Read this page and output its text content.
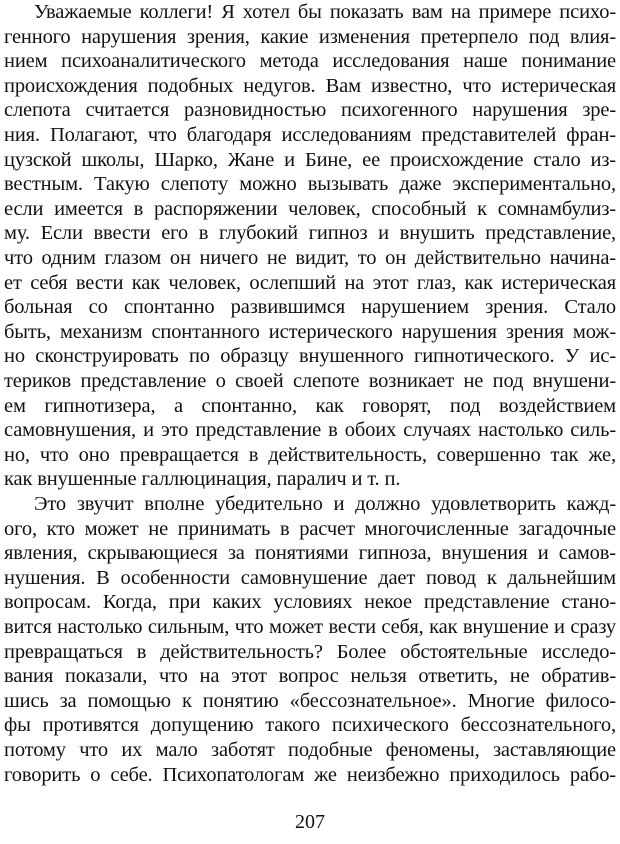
Уважаемые коллеги! Я хотел бы показать вам на примере психо-
генного нарушения зрения, какие изменения претерпело под влия-
нием психоаналитического метода исследования наше понимание
происхождения подобных недугов. Вам известно, что истерическая
слепота считается разновидностью психогенного нарушения зре-
ния. Полагают, что благодаря исследованиям представителей фран-
цузской школы, Шарко, Жане и Бине, ее происхождение стало из-
вестным. Такую слепоту можно вызывать даже экспериментально,
если имеется в распоряжении человек, способный к сомнамбулиз-
му. Если ввести его в глубокий гипноз и внушить представление,
что одним глазом он ничего не видит, то он действительно начина-
ет себя вести как человек, ослепший на этот глаз, как истерическая
больная со спонтанно развившимся нарушением зрения. Стало
быть, механизм спонтанного истерического нарушения зрения мож-
но сконструировать по образцу внушенного гипнотического. У ис-
териков представление о своей слепоте возникает не под внушени-
ем гипнотизера, а спонтанно, как говорят, под воздействием
самовнушения, и это представление в обоих случаях настолько силь-
но, что оно превращается в действительность, совершенно так же,
как внушенные галлюцинация, паралич и т. п.
Это звучит вполне убедительно и должно удовлетворить кажд-
ого, кто может не принимать в расчет многочисленные загадочные
явления, скрывающиеся за понятиями гипноза, внушения и самов-
нушения. В особенности самовнушение дает повод к дальнейшим
вопросам. Когда, при каких условиях некое представление стано-
вится настолько сильным, что может вести себя, как внушение и сразу
превращаться в действительность? Более обстоятельные исследо-
вания показали, что на этот вопрос нельзя ответить, не обратив-
шись за помощью к понятию «бессознательное». Многие филосо-
фы противятся допущению такого психического бессознательного,
потому что их мало заботят подобные феномены, заставляющие
говорить о себе. Психопатологам же неизбежно приходилось рабо-
207
